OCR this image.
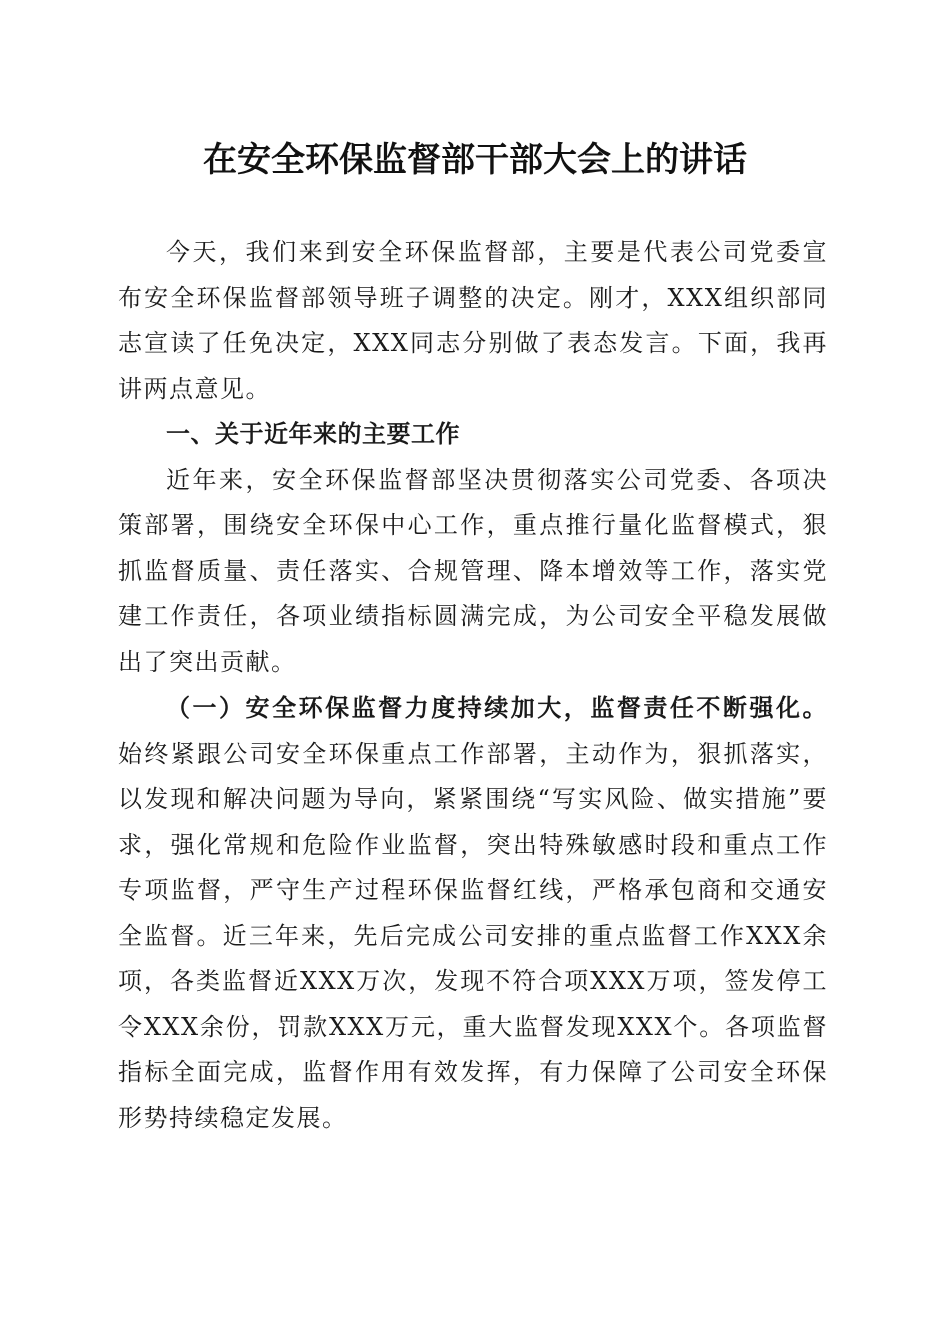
在安全环保监督部干部大会上的讲话

今天，我们来到安全环保监督部，主要是代表公司党委宣布安全环保监督部领导班子调整的决定。刚才，XXX组织部同志宣读了任免决定，XXX同志分别做了表态发言。下面，我再讲两点意见。

一、关于近年来的主要工作

近年来，安全环保监督部坚决贯彻落实公司党委、各项决策部署，围绕安全环保中心工作，重点推行量化监督模式，狠抓监督质量、责任落实、合规管理、降本增效等工作，落实党建工作责任，各项业绩指标圆满完成，为公司安全平稳发展做出了突出贡献。

（一）安全环保监督力度持续加大，监督责任不断强化。始终紧跟公司安全环保重点工作部署，主动作为，狠抓落实，以发现和解决问题为导向，紧紧围绕“写实风险、做实措施”要求，强化常规和危险作业监督，突出特殊敏感时段和重点工作专项监督，严守生产过程环保监督红线，严格承包商和交通安全监督。近三年来，先后完成公司安排的重点监督工作XXX余项，各类监督近XXX万次，发现不符合项XXX万项，签发停工令XXX余份，罚款XXX万元，重大监督发现XXX个。各项监督指标全面完成，监督作用有效发挥，有力保障了公司安全环保形势持续稳定发展。
